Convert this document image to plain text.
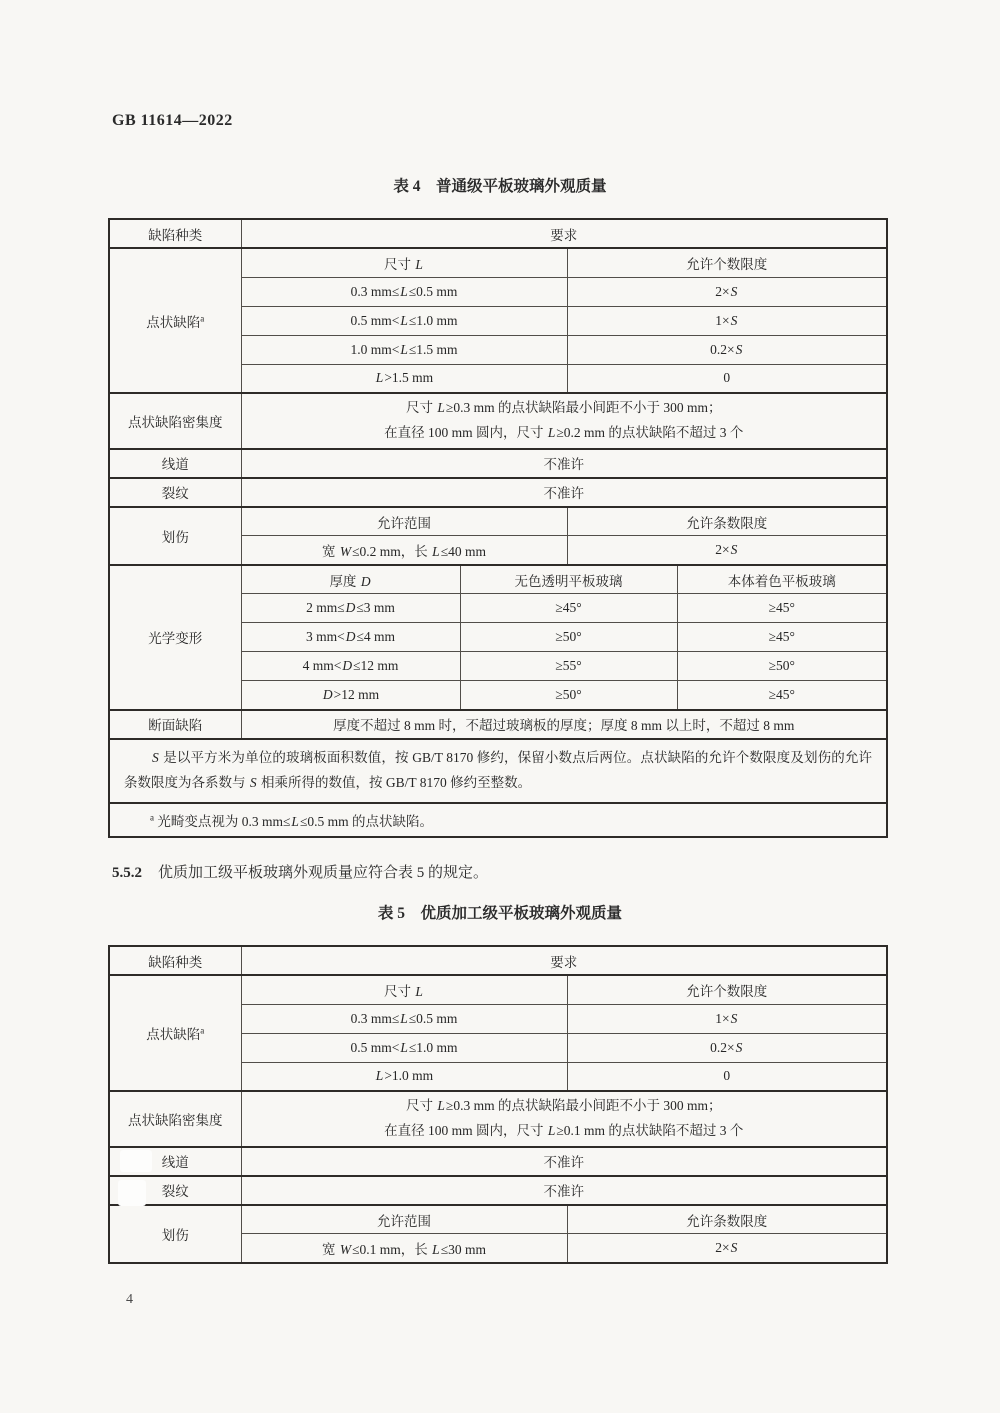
GB 11614—2022
表 4　普通级平板玻璃外观质量
缺陷种类	要求			
点状缺陷$^a$	尺寸 L		允许个数限度	
	0.3 mm≤L≤0.5 mm		2×S	
	0.5 mm<L≤1.0 mm		1×S	
	1.0 mm<L≤1.5 mm		0.2×S	
	L>1.5 mm		0	
点状缺陷密集度	尺寸 L≥0.3 mm 的点状缺陷最小间距不小于 300 mm；
在直径 100 mm 圆内，尺寸 L≥0.2 mm 的点状缺陷不超过 3 个			

线道	不准许			
裂纹	不准许			
划伤	允许范围		允许条数限度	
	宽 W≤0.2 mm，长 L≤40 mm		2×S	
光学变形	厚度 D	无色透明平板玻璃		本体着色平板玻璃
	2 mm≤D≤3 mm	≥45°		≥45°
	3 mm<D≤4 mm	≥50°		≥45°
	4 mm<D≤12 mm	≥55°		≥50°
	D>12 mm	≥50°		≥45°
断面缺陷	厚度不超过 8 mm 时，不超过玻璃板的厚度；厚度 8 mm 以上时，不超过 8 mm			
S 是以平方米为单位的玻璃板面积数值，按 GB/T 8170 修约，保留小数点后两位。点状缺陷的允许个数限度及划伤的允许条数限度为各系数与 S 相乘所得的数值，按 GB/T 8170 修约至整数。				
$^a$ 光畸变点视为 0.3 mm≤L≤0.5 mm 的点状缺陷。				
5.5.2 优质加工级平板玻璃外观质量应符合表 5 的规定。
表 5　优质加工级平板玻璃外观质量
缺陷种类	要求	
点状缺陷$^a$	尺寸 L	允许个数限度
	0.3 mm≤L≤0.5 mm	1×S
	0.5 mm<L≤1.0 mm	0.2×S
	L>1.0 mm	0
点状缺陷密集度	尺寸 L≥0.3 mm 的点状缺陷最小间距不小于 300 mm；
在直径 100 mm 圆内，尺寸 L≥0.1 mm 的点状缺陷不超过 3 个	

线道	不准许	
裂纹	不准许	
划伤	允许范围	允许条数限度
	宽 W≤0.1 mm，长 L≤30 mm	2×S
4
